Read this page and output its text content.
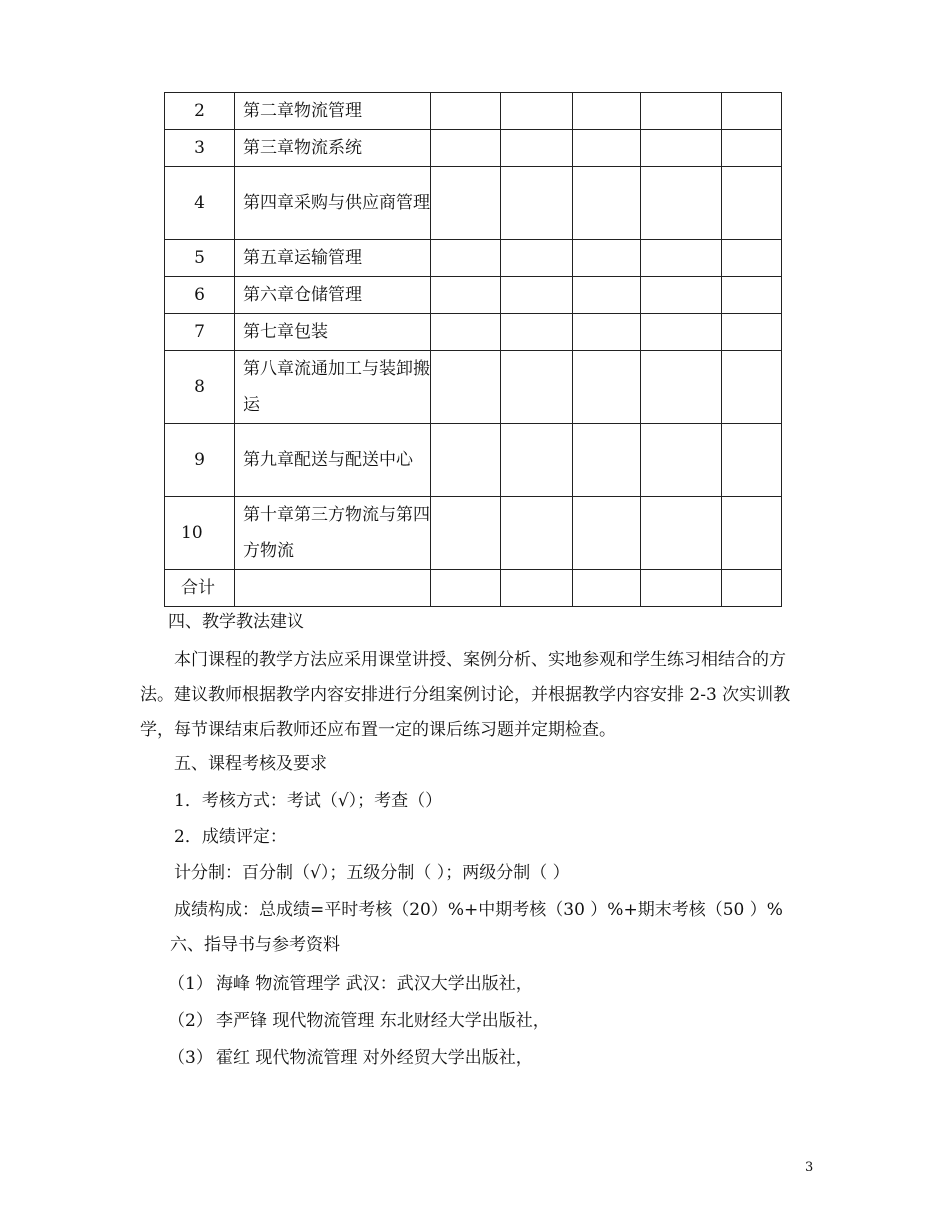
2	第二章物流管理					
3	第三章物流系统					
4	第四章采购与供应商管理					
5	第五章运输管理					
6	第六章仓储管理					
7	第七章包装					
8	第八章流通加工与装卸搬运					
9	第九章配送与配送中心					
10	第十章第三方物流与第四方物流					
合计						

四、教学教法建议

本门课程的教学方法应采用课堂讲授、案例分析、实地参观和学生练习相结合的方法。建议教师根据教学内容安排进行分组案例讨论，并根据教学内容安排 2-3 次实训教学，每节课结束后教师还应布置一定的课后练习题并定期检查。

五、课程考核及要求

1．考核方式：考试（√）；考查（）

2．成绩评定：

计分制：百分制（√）；五级分制（ ）；两级分制（ ）

成绩构成：总成绩=平时考核（20）%+中期考核（30 ）%+期末考核（50 ）%

六、指导书与参考资料

（1） 海峰 物流管理学 武汉：武汉大学出版社，
（2） 李严锋 现代物流管理 东北财经大学出版社，
（3） 霍红 现代物流管理 对外经贸大学出版社，
3
